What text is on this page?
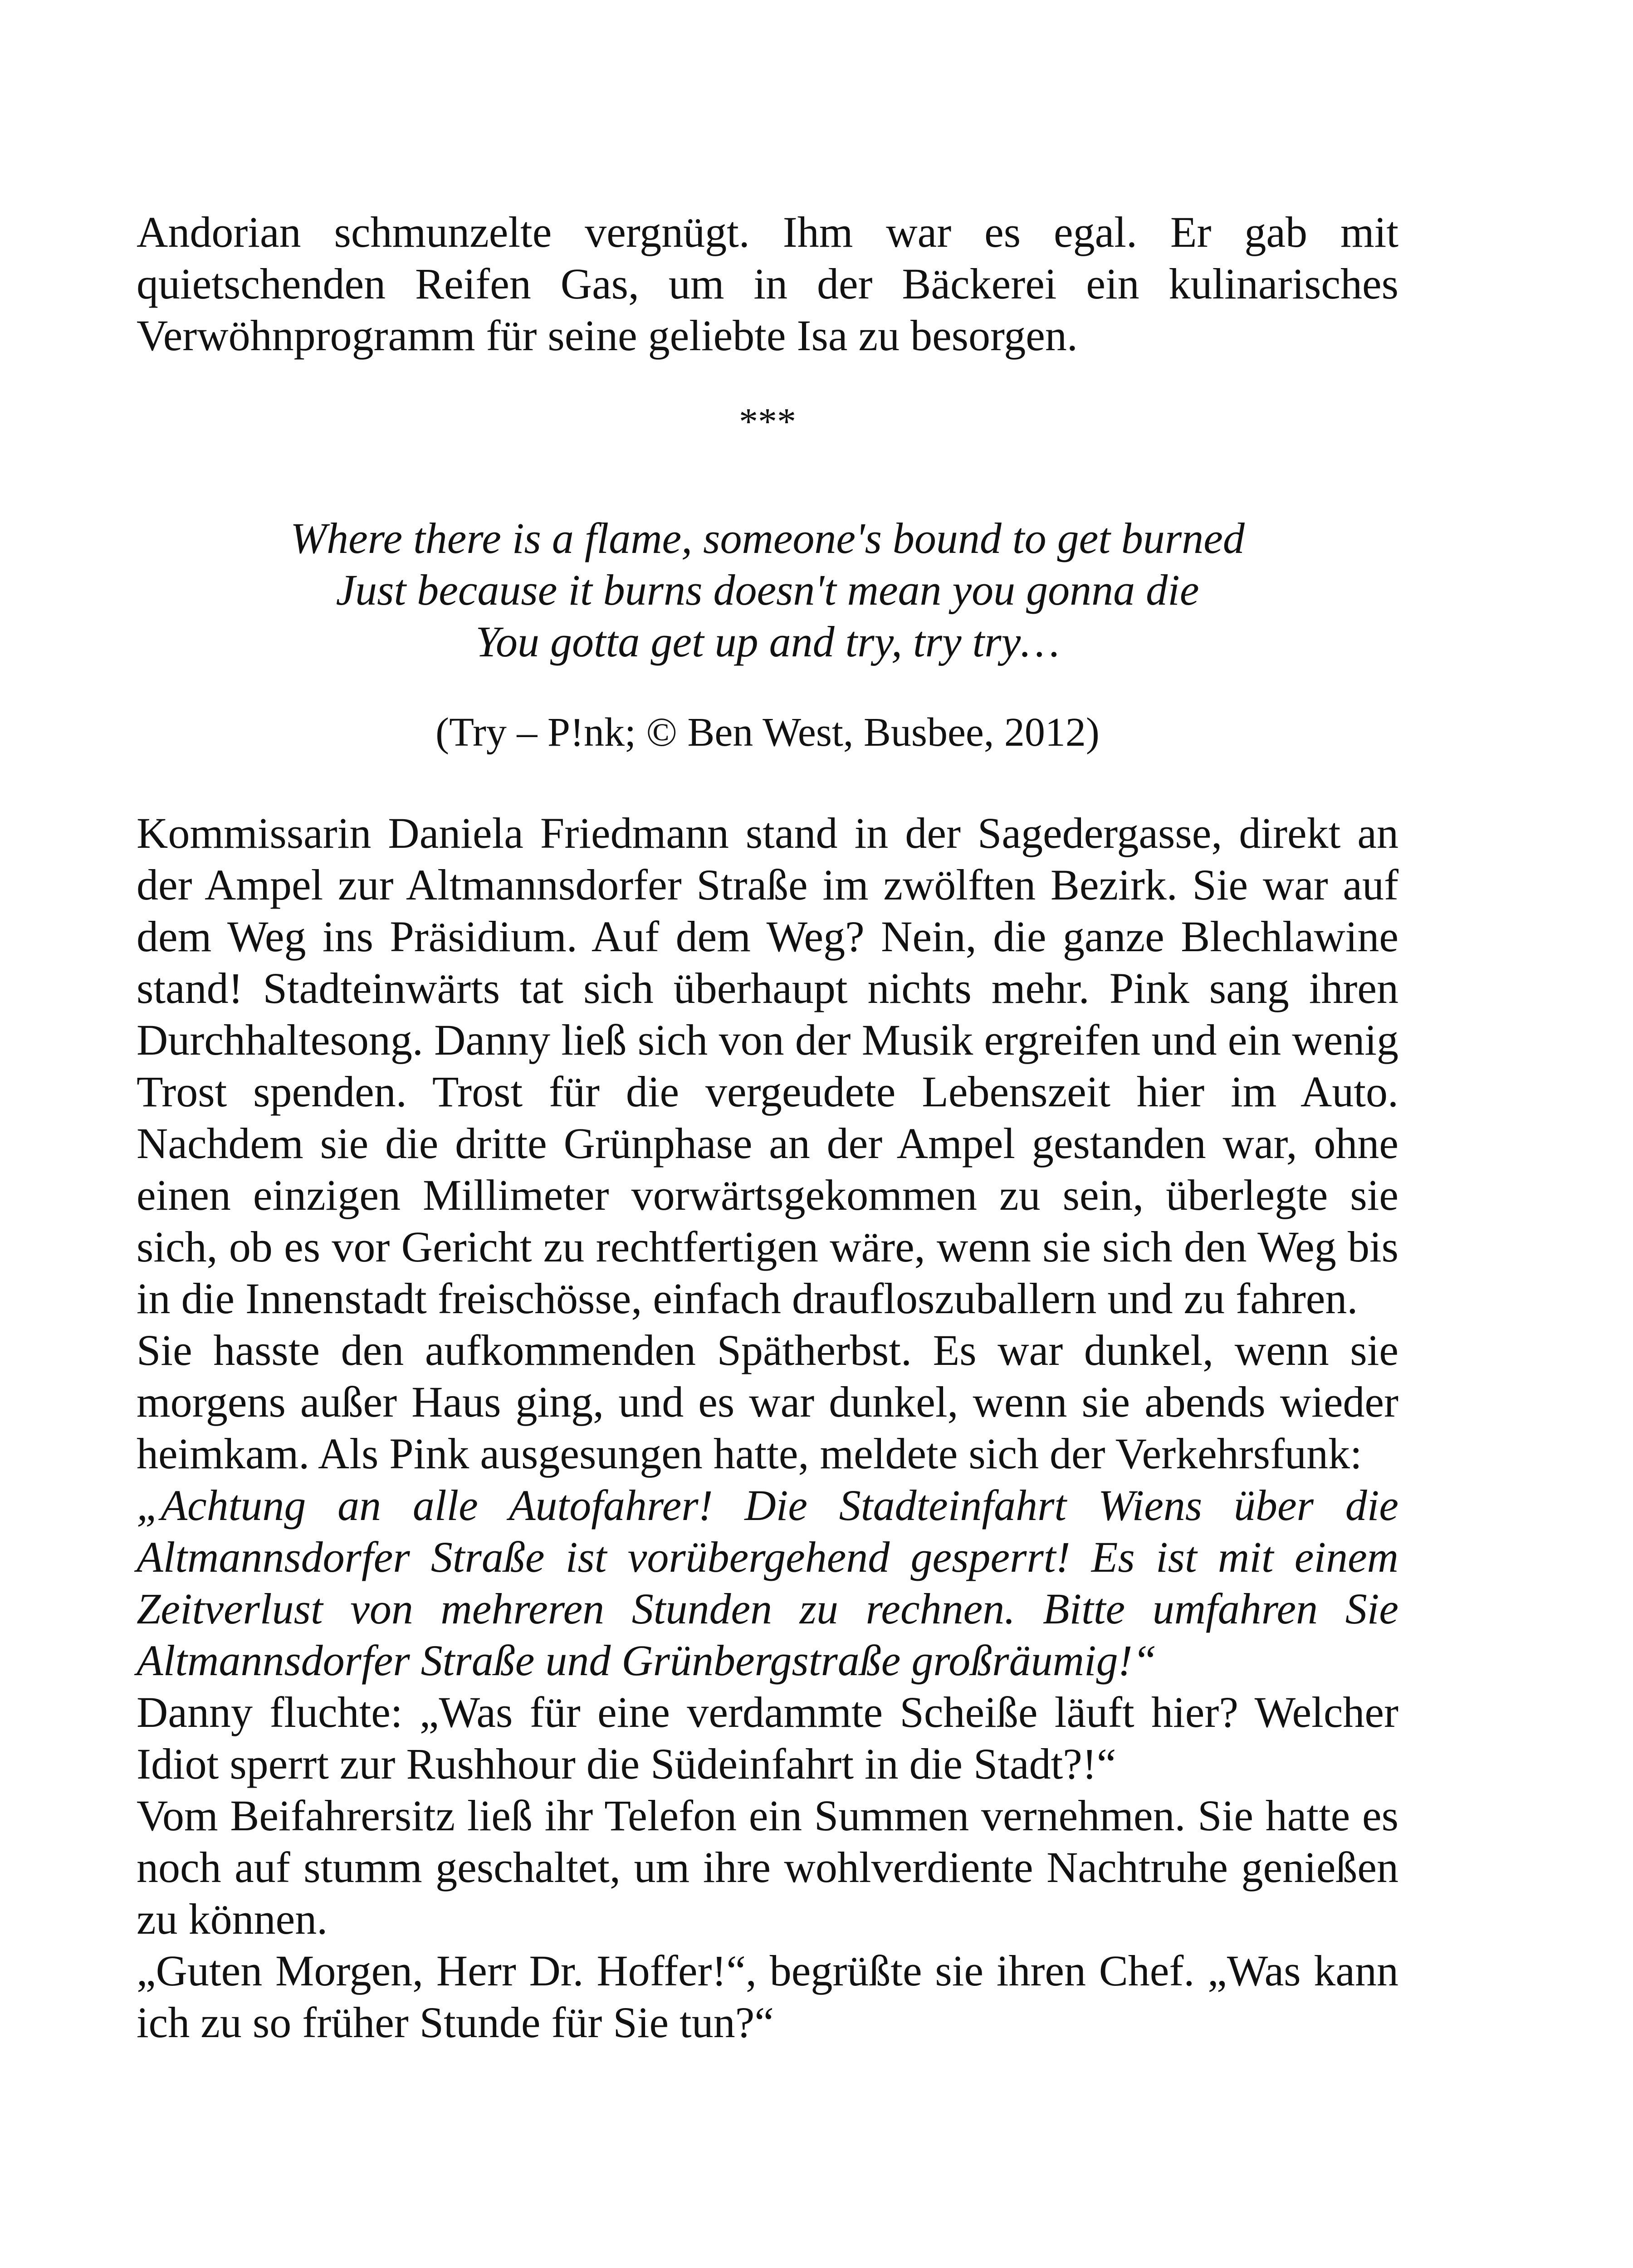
Andorian schmunzelte vergnügt. Ihm war es egal. Er gab mit quietschenden Reifen Gas, um in der Bäckerei ein kulinarisches Verwöhnprogramm für seine geliebte Isa zu besorgen.

***
Where there is a flame, someone's bound to get burned
Just because it burns doesn't mean you gonna die
You gotta get up and try, try try…
(Try – P!nk; © Ben West, Busbee, 2012)

Kommissarin Daniela Friedmann stand in der Sagedergasse, direkt an der Ampel zur Altmannsdorfer Straße im zwölften Bezirk. Sie war auf dem Weg ins Präsidium. Auf dem Weg? Nein, die ganze Blechlawine stand! Stadteinwärts tat sich überhaupt nichts mehr. Pink sang ihren Durchhaltesong. Danny ließ sich von der Musik ergreifen und ein wenig Trost spenden. Trost für die vergeudete Lebenszeit hier im Auto. Nachdem sie die dritte Grünphase an der Ampel gestanden war, ohne einen einzigen Millimeter vorwärtsgekommen zu sein, überlegte sie sich, ob es vor Gericht zu rechtfertigen wäre, wenn sie sich den Weg bis in die Innenstadt freischösse, einfach draufloszuballern und zu fahren.

Sie hasste den aufkommenden Spätherbst. Es war dunkel, wenn sie morgens außer Haus ging, und es war dunkel, wenn sie abends wieder heimkam. Als Pink ausgesungen hatte, meldete sich der Verkehrsfunk:

„Achtung an alle Autofahrer! Die Stadteinfahrt Wiens über die Altmannsdorfer Straße ist vorübergehend gesperrt! Es ist mit einem Zeitverlust von mehreren Stunden zu rechnen. Bitte umfahren Sie Altmannsdorfer Straße und Grünbergstraße großräumig!“

Danny fluchte: „Was für eine verdammte Scheiße läuft hier? Welcher Idiot sperrt zur Rushhour die Südeinfahrt in die Stadt?!“

Vom Beifahrersitz ließ ihr Telefon ein Summen vernehmen. Sie hatte es noch auf stumm geschaltet, um ihre wohlverdiente Nachtruhe genießen zu können.

„Guten Morgen, Herr Dr. Hoffer!“, begrüßte sie ihren Chef. „Was kann ich zu so früher Stunde für Sie tun?“
